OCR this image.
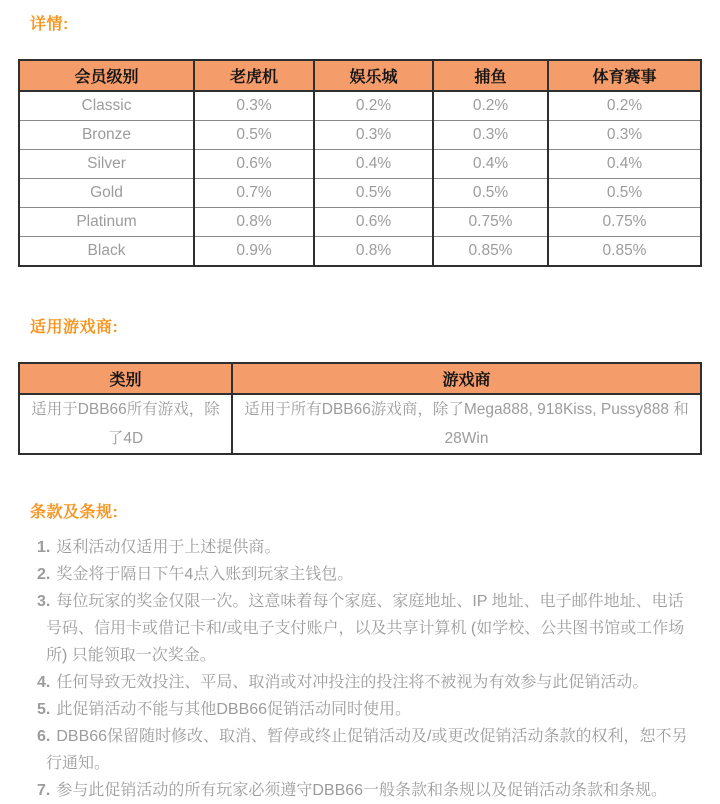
详情:
会员级别	老虎机	娱乐城	捕鱼	体育赛事
Classic	0.3%	0.2%	0.2%	0.2%
Bronze	0.5%	0.3%	0.3%	0.3%
Silver	0.6%	0.4%	0.4%	0.4%
Gold	0.7%	0.5%	0.5%	0.5%
Platinum	0.8%	0.6%	0.75%	0.75%
Black	0.9%	0.8%	0.85%	0.85%
适用游戏商:
类别	游戏商
适用于DBB66所有游戏，除了4D	适用于所有DBB66游戏商，除了Mega888, 918Kiss, Pussy888 和 28Win
条款及条规:
1. 返利活动仅适用于上述提供商。
2. 奖金将于隔日下午4点入账到玩家主钱包。
3. 每位玩家的奖金仅限一次。这意味着每个家庭、家庭地址、IP 地址、电子邮件地址、电话号码、信用卡或借记卡和/或电子支付账户，以及共享计算机 (如学校、公共图书馆或工作场所) 只能领取一次奖金。
4. 任何导致无效投注、平局、取消或对冲投注的投注将不被视为有效参与此促销活动。
5. 此促销活动不能与其他DBB66促销活动同时使用。
6. DBB66保留随时修改、取消、暂停或终止促销活动及/或更改促销活动条款的权利，恕不另行通知。
7. 参与此促销活动的所有玩家必须遵守DBB66一般条款和条规以及促销活动条款和条规。
